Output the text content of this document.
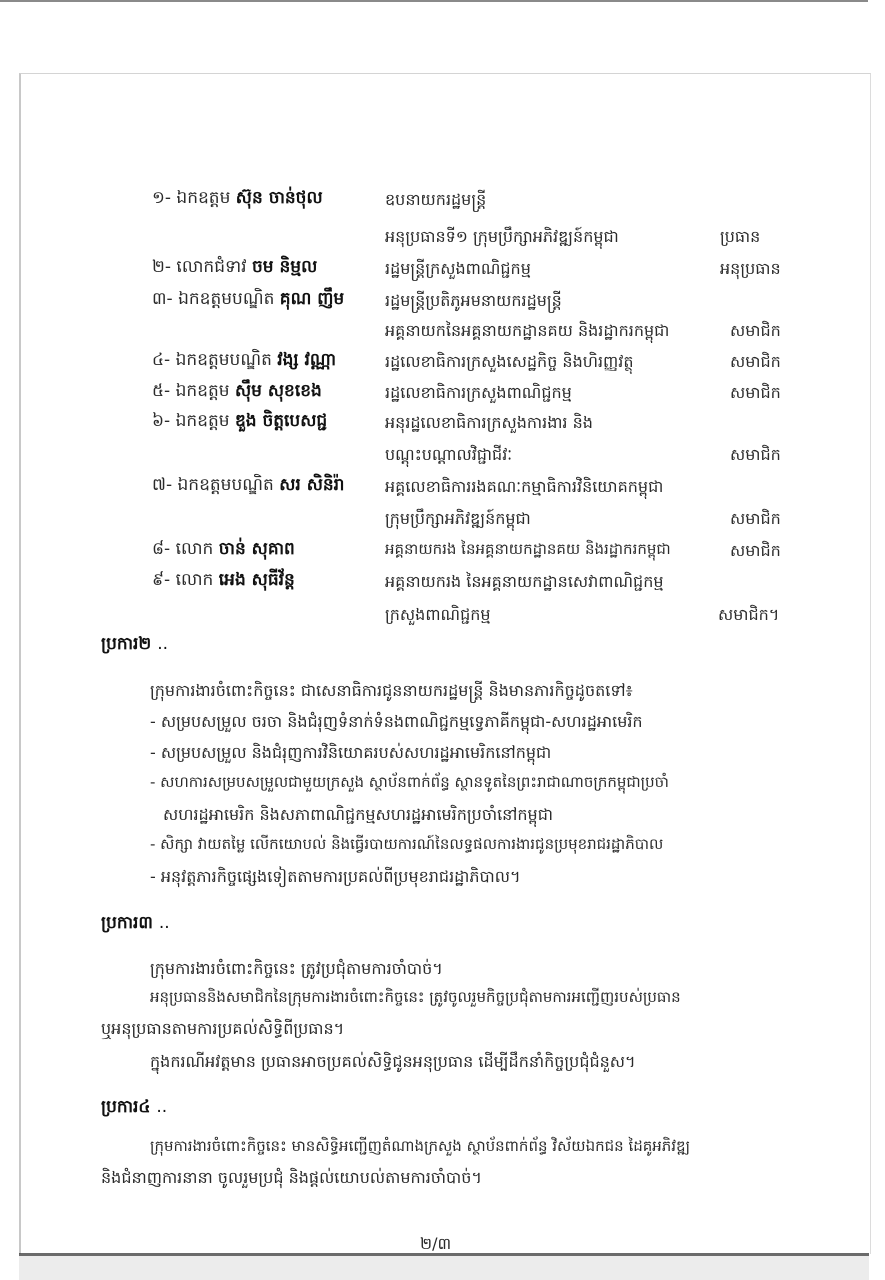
១- ឯកឧត្តម ស៊ុន ចាន់ថុល	ឧបនាយករដ្ឋមន្ត្រី
អនុប្រធានទី១ ក្រុមប្រឹក្សាអភិវឌ្ឍន៍កម្ពុជា	ប្រធាន
២- លោកជំទាវ ចម និម្មល	រដ្ឋមន្ត្រីក្រសួងពាណិជ្ជកម្ម	អនុប្រធាន
៣- ឯកឧត្តមបណ្ឌិត គុណ ញឹម	រដ្ឋមន្ត្រីប្រតិភូអមនាយករដ្ឋមន្ត្រី
អគ្គនាយកនៃអគ្គនាយកដ្ឋានគយ និងរដ្ឋាករកម្ពុជា	សមាជិក
៤- ឯកឧត្តមបណ្ឌិត វង្ស វណ្ណា	រដ្ឋលេខាធិការក្រសួងសេដ្ឋកិច្ច និងហិរញ្ញវត្ថុ	សមាជិក
៥- ឯកឧត្តម ស៊ឹម សុខខេង	រដ្ឋលេខាធិការក្រសួងពាណិជ្ជកម្ម	សមាជិក
៦- ឯកឧត្តម ឌួង ចិត្តបេសជ្ជ	អនុរដ្ឋលេខាធិការក្រសួងការងារ និង
បណ្តុះបណ្តាលវិជ្ជាជីវៈ	សមាជិក
៧- ឯកឧត្តមបណ្ឌិត សរ សិនិរ៉ា	អគ្គលេខាធិការរងគណៈកម្មាធិការវិនិយោគកម្ពុជា
ក្រុមប្រឹក្សាអភិវឌ្ឍន៍កម្ពុជា	សមាជិក
៨- លោក ចាន់ សុគាព	អគ្គនាយករង នៃអគ្គនាយកដ្ឋានគយ និងរដ្ឋាករកម្ពុជា	សមាជិក
៩- លោក អេង សុធីវ័ន្ត	អគ្គនាយករង នៃអគ្គនាយកដ្ឋានសេវាពាណិជ្ជកម្ម
ក្រសួងពាណិជ្ជកម្ម	សមាជិក។
ប្រការ២ ..
ក្រុមការងារចំពោះកិច្ចនេះ ជាសេនាធិការជូននាយករដ្ឋមន្ត្រី និងមានភារកិច្ចដូចតទៅ៖
- សម្របសម្រួល ចរចា និងជំរុញទំនាក់ទំនងពាណិជ្ជកម្មទ្វេភាគីកម្ពុជា-សហរដ្ឋអាមេរិក
- សម្របសម្រួល និងជំរុញការវិនិយោគរបស់សហរដ្ឋអាមេរិកនៅកម្ពុជា
- សហការសម្របសម្រួលជាមួយក្រសួង ស្ថាប័នពាក់ព័ន្ធ ស្ថានទូតនៃព្រះរាជាណាចក្រកម្ពុជាប្រចាំ
សហរដ្ឋអាមេរិក និងសភាពាណិជ្ជកម្មសហរដ្ឋអាមេរិកប្រចាំនៅកម្ពុជា
- សិក្សា វាយតម្លៃ លើកយោបល់ និងធ្វើរបាយការណ៍នៃលទ្ធផលការងារជូនប្រមុខរាជរដ្ឋាភិបាល
- អនុវត្តភារកិច្ចផ្សេងទៀតតាមការប្រគល់ពីប្រមុខរាជរដ្ឋាភិបាល។
ប្រការ៣ ..
ក្រុមការងារចំពោះកិច្ចនេះ ត្រូវប្រជុំតាមការចាំបាច់។
អនុប្រធាននិងសមាជិកនៃក្រុមការងារចំពោះកិច្ចនេះ ត្រូវចូលរួមកិច្ចប្រជុំតាមការអញ្ជើញរបស់ប្រធាន
ឬអនុប្រធានតាមការប្រគល់សិទ្ធិពីប្រធាន។
ក្នុងករណីអវត្តមាន ប្រធានអាចប្រគល់សិទ្ធិជូនអនុប្រធាន ដើម្បីដឹកនាំកិច្ចប្រជុំជំនួស។
ប្រការ៤ ..
ក្រុមការងារចំពោះកិច្ចនេះ មានសិទ្ធិអញ្ជើញតំណាងក្រសួង ស្ថាប័នពាក់ព័ន្ធ វិស័យឯកជន ដៃគូអភិវឌ្ឍ
និងជំនាញការនានា ចូលរួមប្រជុំ និងផ្តល់យោបល់តាមការចាំបាច់។
២/៣
